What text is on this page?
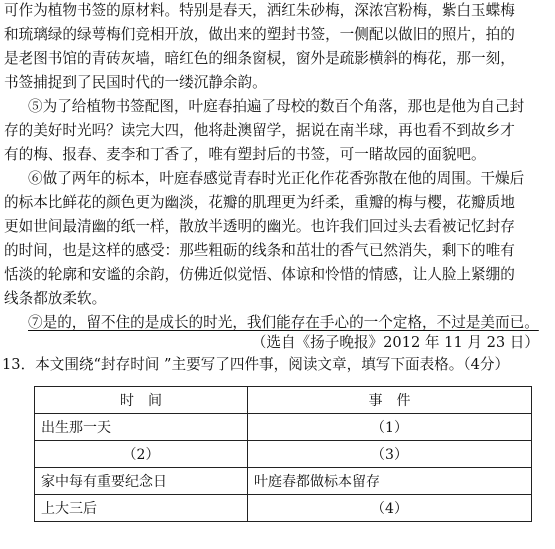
可作为植物书签的原材料。特别是春天，洒红朱砂梅，深浓宫粉梅，紫白玉蝶梅
和琉璃绿的绿萼梅们竞相开放，做出来的塑封书签，一侧配以做旧的照片，拍的
是老图书馆的青砖灰墙，暗红色的细条窗棂，窗外是疏影横斜的梅花，那一刻，
书签捕捉到了民国时代的一缕沉静余韵。
⑤为了给植物书签配图，叶庭春拍遍了母校的数百个角落，那也是他为自己封
存的美好时光吗？读完大四，他将赴澳留学，据说在南半球，再也看不到故乡才
有的梅、报春、麦李和丁香了，唯有塑封后的书签，可一睹故园的面貌吧。
⑥做了两年的标本，叶庭春感觉青春时光正化作花香弥散在他的周围。干燥后
的标本比鲜花的颜色更为幽淡，花瓣的肌理更为纤柔，重瓣的梅与樱，花瓣质地
更如世间最清幽的纸一样，散放半透明的幽光。也许我们回过头去看被记忆封存
的时间，也是这样的感受：那些粗砺的线条和茁壮的香气已然消失，剩下的唯有
恬淡的轮廓和安谧的余韵，仿佛近似觉悟、体谅和怜惜的情感，让人脸上紧绷的
线条都放柔软。
⑦是的，留不住的是成长的时光，我们能存在手心的一个定格，不过是美而已。
（选自《扬子晚报》2012 年 11 月 23 日）
13．本文围绕“封存时间 ”主要写了四件事，阅读文章，填写下面表格。（4分）
时　间	事　件
出生那一天	（1）
（2）	（3）
家中每有重要纪念日	叶庭春都做标本留存
上大三后	（4）
